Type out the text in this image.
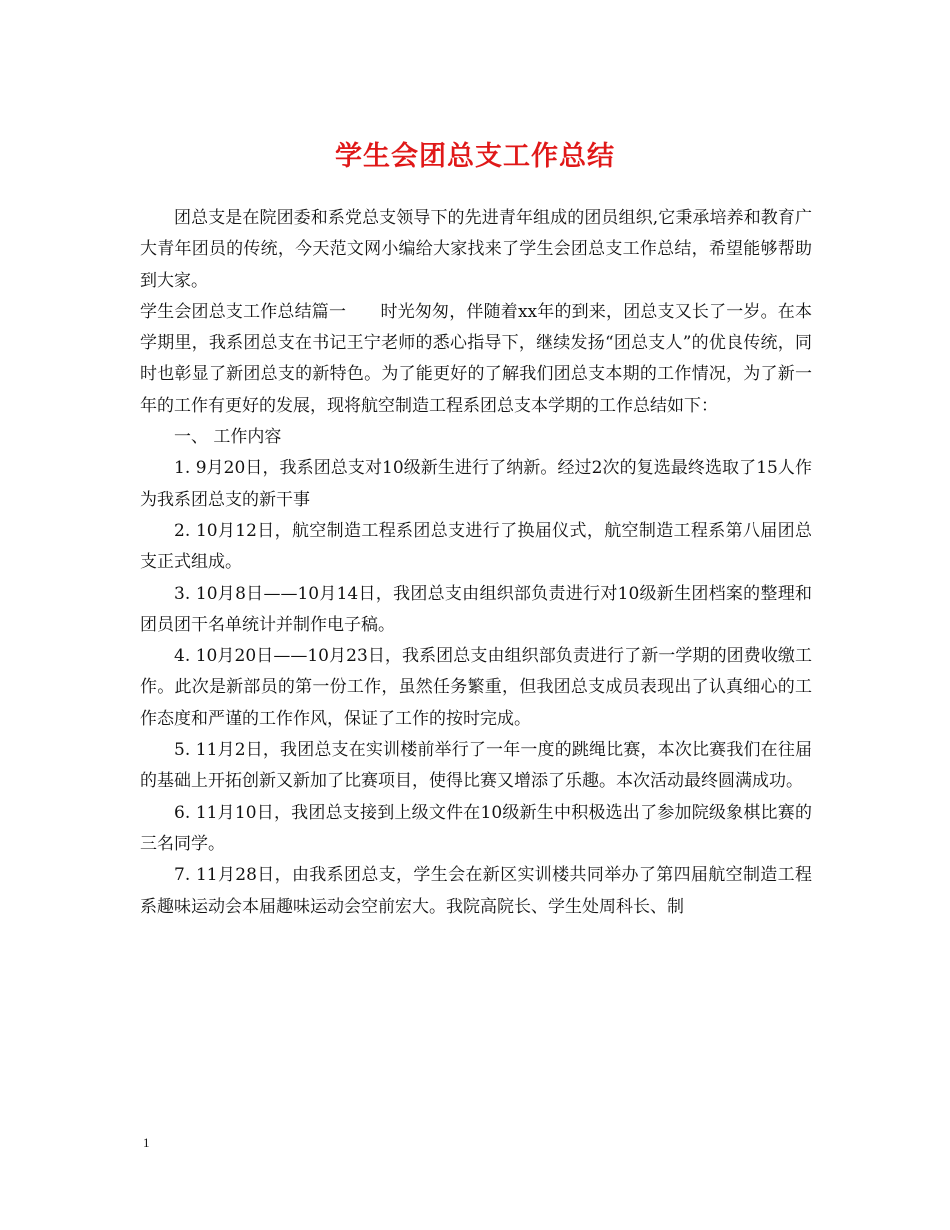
学生会团总支工作总结

团总支是在院团委和系党总支领导下的先进青年组成的团员组织,它秉承培养和教育广大青年团员的传统，今天范文网小编给大家找来了学生会团总支工作总结，希望能够帮助到大家。

学生会团总支工作总结篇一　　时光匆匆，伴随着xx年的到来，团总支又长了一岁。在本学期里，我系团总支在书记王宁老师的悉心指导下，继续发扬“团总支人”的优良传统，同时也彰显了新团总支的新特色。为了能更好的了解我们团总支本期的工作情况，为了新一年的工作有更好的发展，现将航空制造工程系团总支本学期的工作总结如下：

一、 工作内容

1. 9月20日，我系团总支对10级新生进行了纳新。经过2次的复选最终选取了15人作为我系团总支的新干事

2. 10月12日，航空制造工程系团总支进行了换届仪式，航空制造工程系第八届团总支正式组成。

3. 10月8日——10月14日，我团总支由组织部负责进行对10级新生团档案的整理和团员团干名单统计并制作电子稿。

4. 10月20日——10月23日，我系团总支由组织部负责进行了新一学期的团费收缴工作。此次是新部员的第一份工作，虽然任务繁重，但我团总支成员表现出了认真细心的工作态度和严谨的工作作风，保证了工作的按时完成。

5. 11月2日，我团总支在实训楼前举行了一年一度的跳绳比赛，本次比赛我们在往届的基础上开拓创新又新加了比赛项目，使得比赛又增添了乐趣。本次活动最终圆满成功。

6. 11月10日，我团总支接到上级文件在10级新生中积极选出了参加院级象棋比赛的三名同学。

7. 11月28日，由我系团总支，学生会在新区实训楼共同举办了第四届航空制造工程系趣味运动会本届趣味运动会空前宏大。我院高院长、学生处周科长、制

1
